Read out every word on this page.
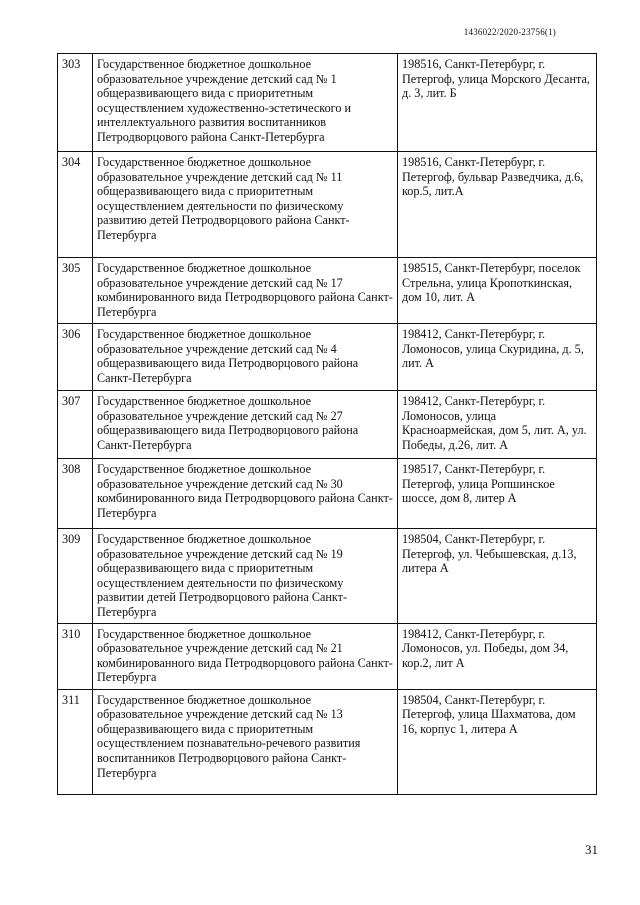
1436022/2020-23756(1)
303	Государственное бюджетное дошкольное образовательное учреждение детский сад № 1 общеразвивающего вида с приоритетным осуществлением художественно-эстетического и интеллектуального развития воспитанников Петродворцового района Санкт-Петербурга	198516, Санкт-Петербург, г. Петергоф, улица Морского Десанта, д. 3, лит. Б
304	Государственное бюджетное дошкольное образовательное учреждение детский сад № 11 общеразвивающего вида с приоритетным осуществлением деятельности по физическому развитию детей Петродворцового района Санкт-Петербурга	198516, Санкт-Петербург, г. Петергоф, бульвар Разведчика, д.6, кор.5, лит.А
305	Государственное бюджетное дошкольное образовательное учреждение детский сад № 17 комбинированного вида Петродворцового района Санкт-Петербурга	198515, Санкт-Петербург, поселок Стрельна, улица Кропоткинская, дом 10, лит. А
306	Государственное бюджетное дошкольное образовательное учреждение детский сад № 4 общеразвивающего вида Петродворцового района Санкт-Петербурга	198412, Санкт-Петербург, г. Ломоносов, улица Скуридина, д. 5, лит. А
307	Государственное бюджетное дошкольное образовательное учреждение детский сад № 27 общеразвивающего вида Петродворцового района Санкт-Петербурга	198412, Санкт-Петербург, г. Ломоносов, улица Красноармейская, дом 5, лит. А, ул. Победы, д.26, лит. А
308	Государственное бюджетное дошкольное образовательное учреждение детский сад № 30 комбинированного вида Петродворцового района Санкт-Петербурга	198517, Санкт-Петербург, г. Петергоф, улица Ропшинское шоссе, дом 8, литер А
309	Государственное бюджетное дошкольное образовательное учреждение детский сад № 19 общеразвивающего вида с приоритетным осуществлением деятельности по физическому развитии детей Петродворцового района Санкт-Петербурга	198504, Санкт-Петербург, г. Петергоф, ул. Чебышевская, д.13, литера А
310	Государственное бюджетное дошкольное образовательное учреждение детский сад № 21 комбинированного вида Петродворцового района Санкт-Петербурга	198412, Санкт-Петербург, г. Ломоносов, ул. Победы, дом 34, кор.2, лит А
311	Государственное бюджетное дошкольное образовательное учреждение детский сад № 13 общеразвивающего вида с приоритетным осуществлением познавательно-речевого развития воспитанников Петродворцового района Санкт-Петербурга	198504, Санкт-Петербург, г. Петергоф, улица Шахматова, дом 16, корпус 1, литера А
31
